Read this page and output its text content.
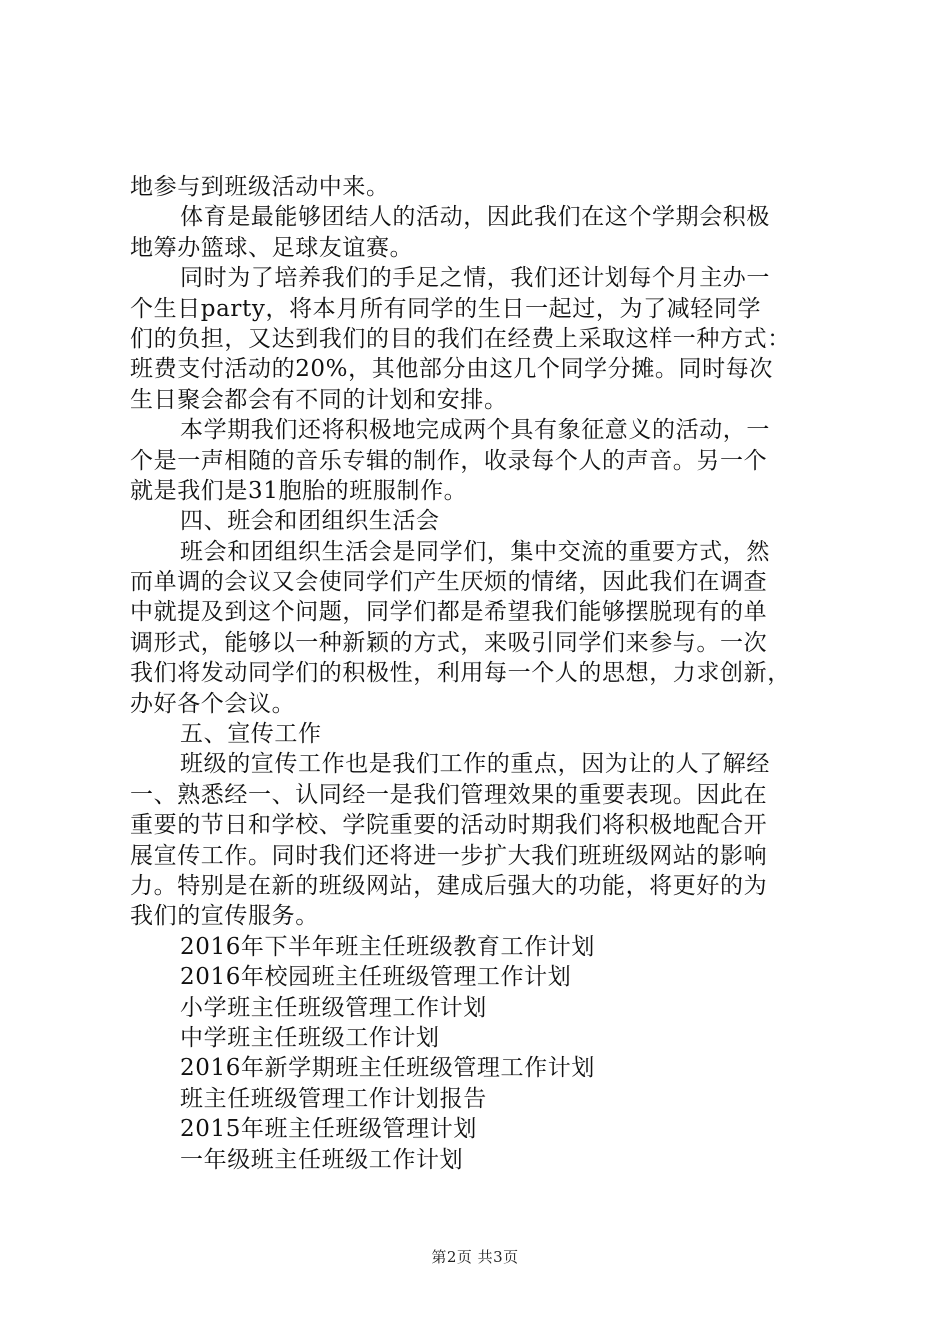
地参与到班级活动中来。
体育是最能够团结人的活动，因此我们在这个学期会积极
地筹办篮球、足球友谊赛。
同时为了培养我们的手足之情，我们还计划每个月主办一
个生日party，将本月所有同学的生日一起过，为了减轻同学
们的负担，又达到我们的目的我们在经费上采取这样一种方式：
班费支付活动的20%，其他部分由这几个同学分摊。同时每次
生日聚会都会有不同的计划和安排。
本学期我们还将积极地完成两个具有象征意义的活动，一
个是一声相随的音乐专辑的制作，收录每个人的声音。另一个
就是我们是31胞胎的班服制作。
四、班会和团组织生活会
班会和团组织生活会是同学们，集中交流的重要方式，然
而单调的会议又会使同学们产生厌烦的情绪，因此我们在调查
中就提及到这个问题，同学们都是希望我们能够摆脱现有的单
调形式，能够以一种新颖的方式，来吸引同学们来参与。一次
我们将发动同学们的积极性，利用每一个人的思想，力求创新，
办好各个会议。
五、宣传工作
班级的宣传工作也是我们工作的重点，因为让的人了解经
一、熟悉经一、认同经一是我们管理效果的重要表现。因此在
重要的节日和学校、学院重要的活动时期我们将积极地配合开
展宣传工作。同时我们还将进一步扩大我们班班级网站的影响
力。特别是在新的班级网站，建成后强大的功能，将更好的为
我们的宣传服务。
2016年下半年班主任班级教育工作计划
2016年校园班主任班级管理工作计划
小学班主任班级管理工作计划
中学班主任班级工作计划
2016年新学期班主任班级管理工作计划
班主任班级管理工作计划报告
2015年班主任班级管理计划
一年级班主任班级工作计划
第2页 共3页
